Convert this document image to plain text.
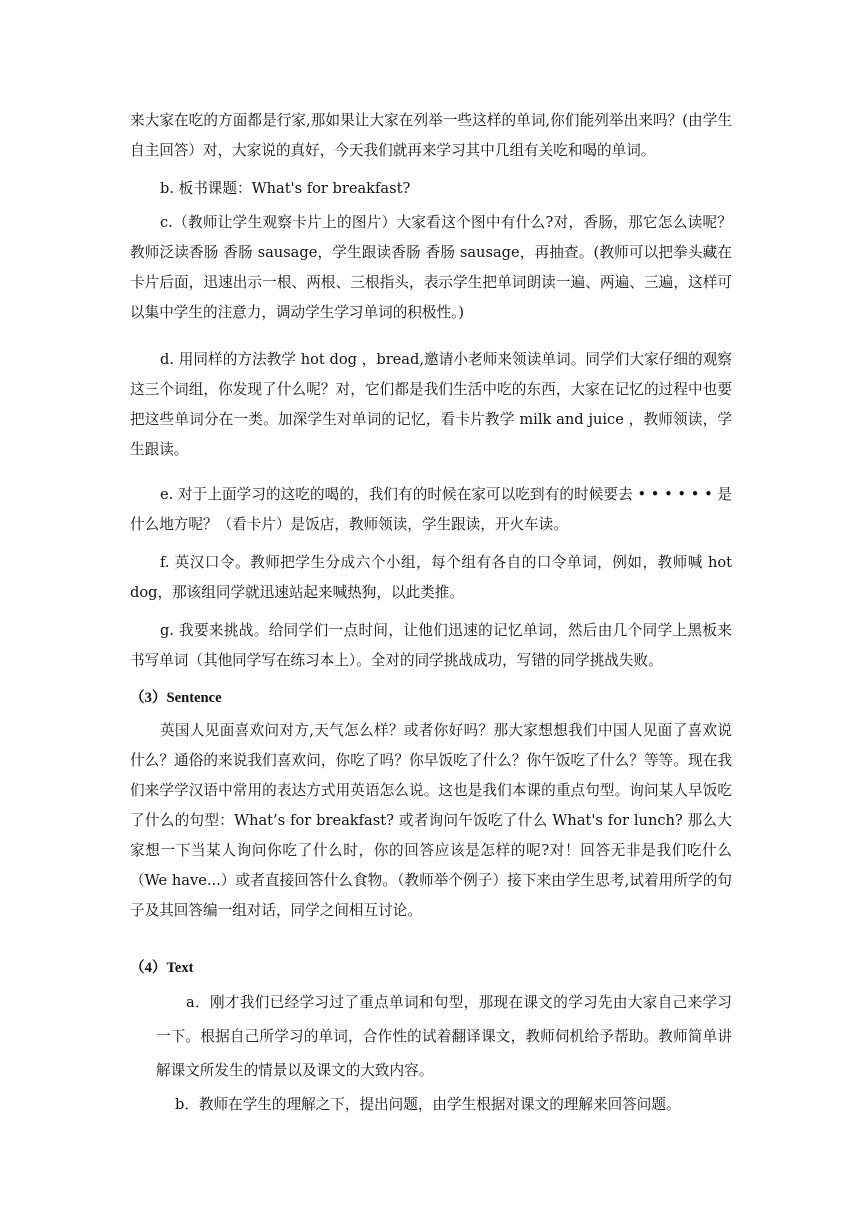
来大家在吃的方面都是行家,那如果让大家在列举一些这样的单词,你们能列举出来吗？(由学生自主回答）对，大家说的真好，今天我们就再来学习其中几组有关吃和喝的单词。

b. 板书课题：What's for breakfast?

c.（教师让学生观察卡片上的图片）大家看这个图中有什么?对，香肠，那它怎么读呢？教师泛读香肠 香肠 sausage，学生跟读香肠 香肠 sausage，再抽查。(教师可以把拳头藏在卡片后面，迅速出示一根、两根、三根指头，表示学生把单词朗读一遍、两遍、三遍，这样可以集中学生的注意力，调动学生学习单词的积极性。)

d. 用同样的方法教学 hot dog ，bread,邀请小老师来领读单词。同学们大家仔细的观察这三个词组，你发现了什么呢？对，它们都是我们生活中吃的东西，大家在记忆的过程中也要把这些单词分在一类。加深学生对单词的记忆，看卡片教学 milk and juice ，教师领读，学生跟读。

e. 对于上面学习的这吃的喝的，我们有的时候在家可以吃到有的时候要去 • • • • • • 是什么地方呢？（看卡片）是饭店，教师领读，学生跟读，开火车读。

f. 英汉口令。教师把学生分成六个小组，每个组有各自的口令单词，例如，教师喊 hot dog，那该组同学就迅速站起来喊热狗，以此类推。

g. 我要来挑战。给同学们一点时间，让他们迅速的记忆单词，然后由几个同学上黑板来书写单词（其他同学写在练习本上）。全对的同学挑战成功，写错的同学挑战失败。

（3）Sentence

英国人见面喜欢问对方,天气怎么样？或者你好吗？那大家想想我们中国人见面了喜欢说什么？通俗的来说我们喜欢问，你吃了吗？你早饭吃了什么？你午饭吃了什么？等等。现在我们来学学汉语中常用的表达方式用英语怎么说。这也是我们本课的重点句型。询问某人早饭吃了什么的句型：What’s for breakfast? 或者询问午饭吃了什么 What's for lunch? 那么大家想一下当某人询问你吃了什么时，你的回答应该是怎样的呢?对！回答无非是我们吃什么（We have...）或者直接回答什么食物。（教师举个例子）接下来由学生思考,试着用所学的句子及其回答编一组对话，同学之间相互讨论。

（4）Text

a．刚才我们已经学习过了重点单词和句型，那现在课文的学习先由大家自己来学习一下。根据自己所学习的单词，合作性的试着翻译课文，教师伺机给予帮助。教师简单讲解课文所发生的情景以及课文的大致内容。

b．教师在学生的理解之下，提出问题，由学生根据对课文的理解来回答问题。
